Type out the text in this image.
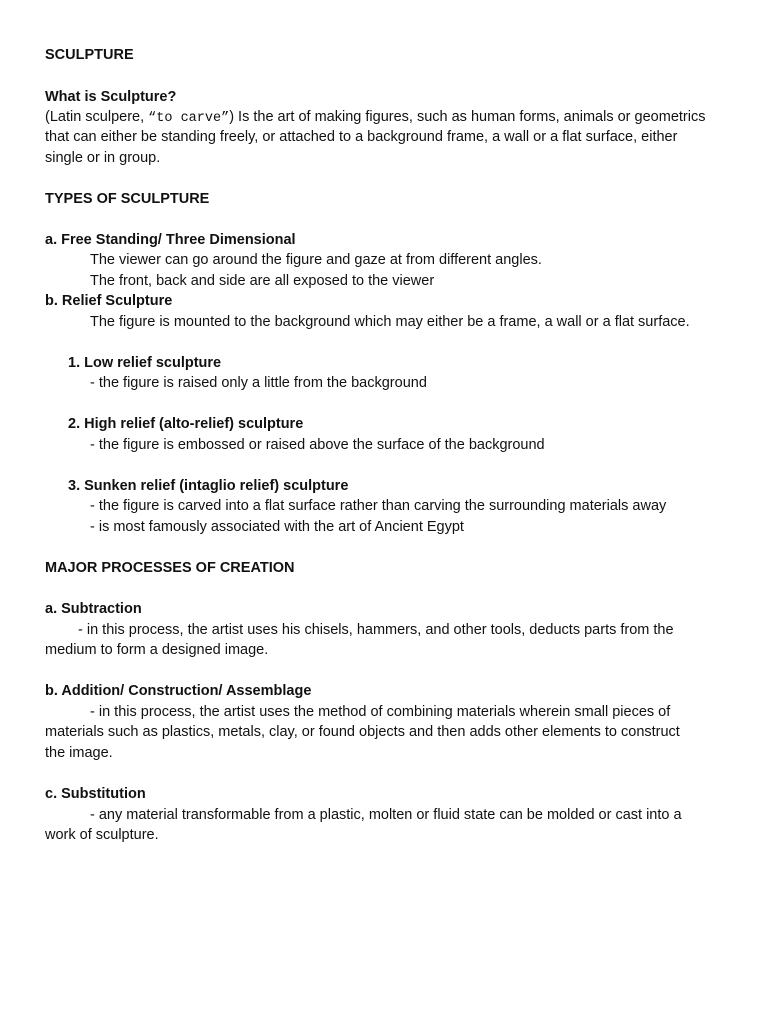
SCULPTURE

What is Sculpture?

(Latin sculpere, “to carve”) Is the art of making figures, such as human forms, animals or geometrics

that can either be standing freely, or attached to a background frame, a wall or a flat surface, either

single or in group.

TYPES OF SCULPTURE

a. Free Standing/ Three Dimensional

The viewer can go around the figure and gaze at from different angles.

The front, back and side are all exposed to the viewer

b. Relief Sculpture

The figure is mounted to the background which may either be a frame, a wall or a flat surface.

1. Low relief sculpture

- the figure is raised only a little from the background

2. High relief (alto-relief) sculpture

- the figure is embossed or raised above the surface of the background

3. Sunken relief (intaglio relief) sculpture

- the figure is carved into a flat surface rather than carving the surrounding materials away

- is most famously associated with the art of Ancient Egypt

MAJOR PROCESSES OF CREATION

a. Subtraction

- in this process, the artist uses his chisels, hammers, and other tools, deducts parts from the

medium to form a designed image.

b. Addition/ Construction/ Assemblage

- in this process, the artist uses the method of combining materials wherein small pieces of

materials such as plastics, metals, clay, or found objects and then adds other elements to construct

the image.

c. Substitution

- any material transformable from a plastic, molten or fluid state can be molded or cast into a

work of sculpture.
